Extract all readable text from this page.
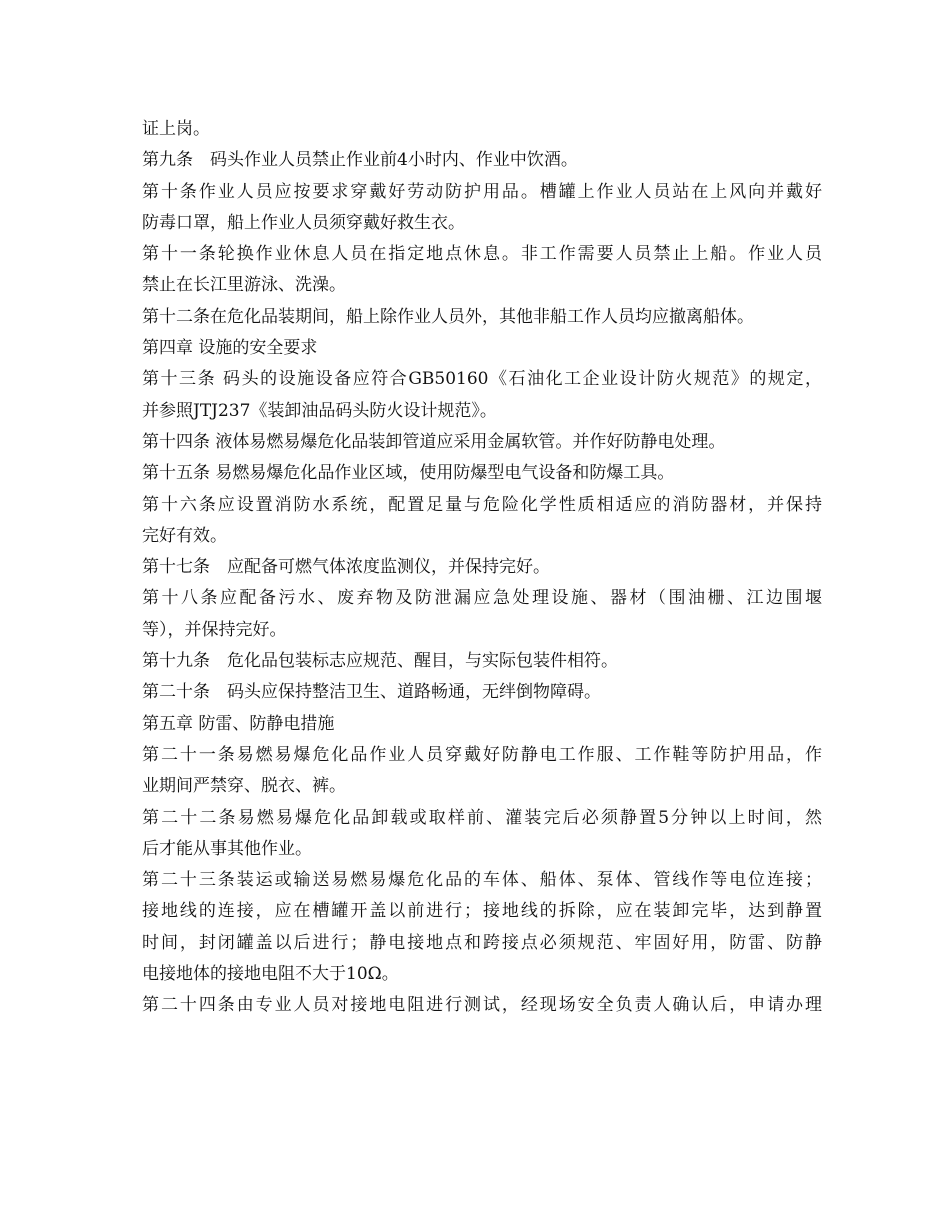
证上岗。
第九条　码头作业人员禁止作业前4小时内、作业中饮酒。
第十条作业人员应按要求穿戴好劳动防护用品。槽罐上作业人员站在上风向并戴好
防毒口罩，船上作业人员须穿戴好救生衣。
第十一条轮换作业休息人员在指定地点休息。非工作需要人员禁止上船。作业人员
禁止在长江里游泳、洗澡。
第十二条在危化品装期间，船上除作业人员外，其他非船工作人员均应撤离船体。
第四章 设施的安全要求
第十三条 码头的设施设备应符合GB50160《石油化工企业设计防火规范》的规定，
并参照JTJ237《装卸油品码头防火设计规范》。
第十四条 液体易燃易爆危化品装卸管道应采用金属软管。并作好防静电处理。
第十五条 易燃易爆危化品作业区域，使用防爆型电气设备和防爆工具。
第十六条应设置消防水系统，配置足量与危险化学性质相适应的消防器材，并保持
完好有效。
第十七条　应配备可燃气体浓度监测仪，并保持完好。
第十八条应配备污水、废弃物及防泄漏应急处理设施、器材（围油栅、江边围堰
等），并保持完好。
第十九条　危化品包装标志应规范、醒目，与实际包装件相符。
第二十条　码头应保持整洁卫生、道路畅通，无绊倒物障碍。
第五章 防雷、防静电措施
第二十一条易燃易爆危化品作业人员穿戴好防静电工作服、工作鞋等防护用品，作
业期间严禁穿、脱衣、裤。
第二十二条易燃易爆危化品卸载或取样前、灌装完后必须静置5分钟以上时间，然
后才能从事其他作业。
第二十三条装运或输送易燃易爆危化品的车体、船体、泵体、管线作等电位连接；
接地线的连接，应在槽罐开盖以前进行；接地线的拆除，应在装卸完毕，达到静置
时间，封闭罐盖以后进行；静电接地点和跨接点必须规范、牢固好用，防雷、防静
电接地体的接地电阻不大于10Ω。
第二十四条由专业人员对接地电阻进行测试，经现场安全负责人确认后，申请办理
